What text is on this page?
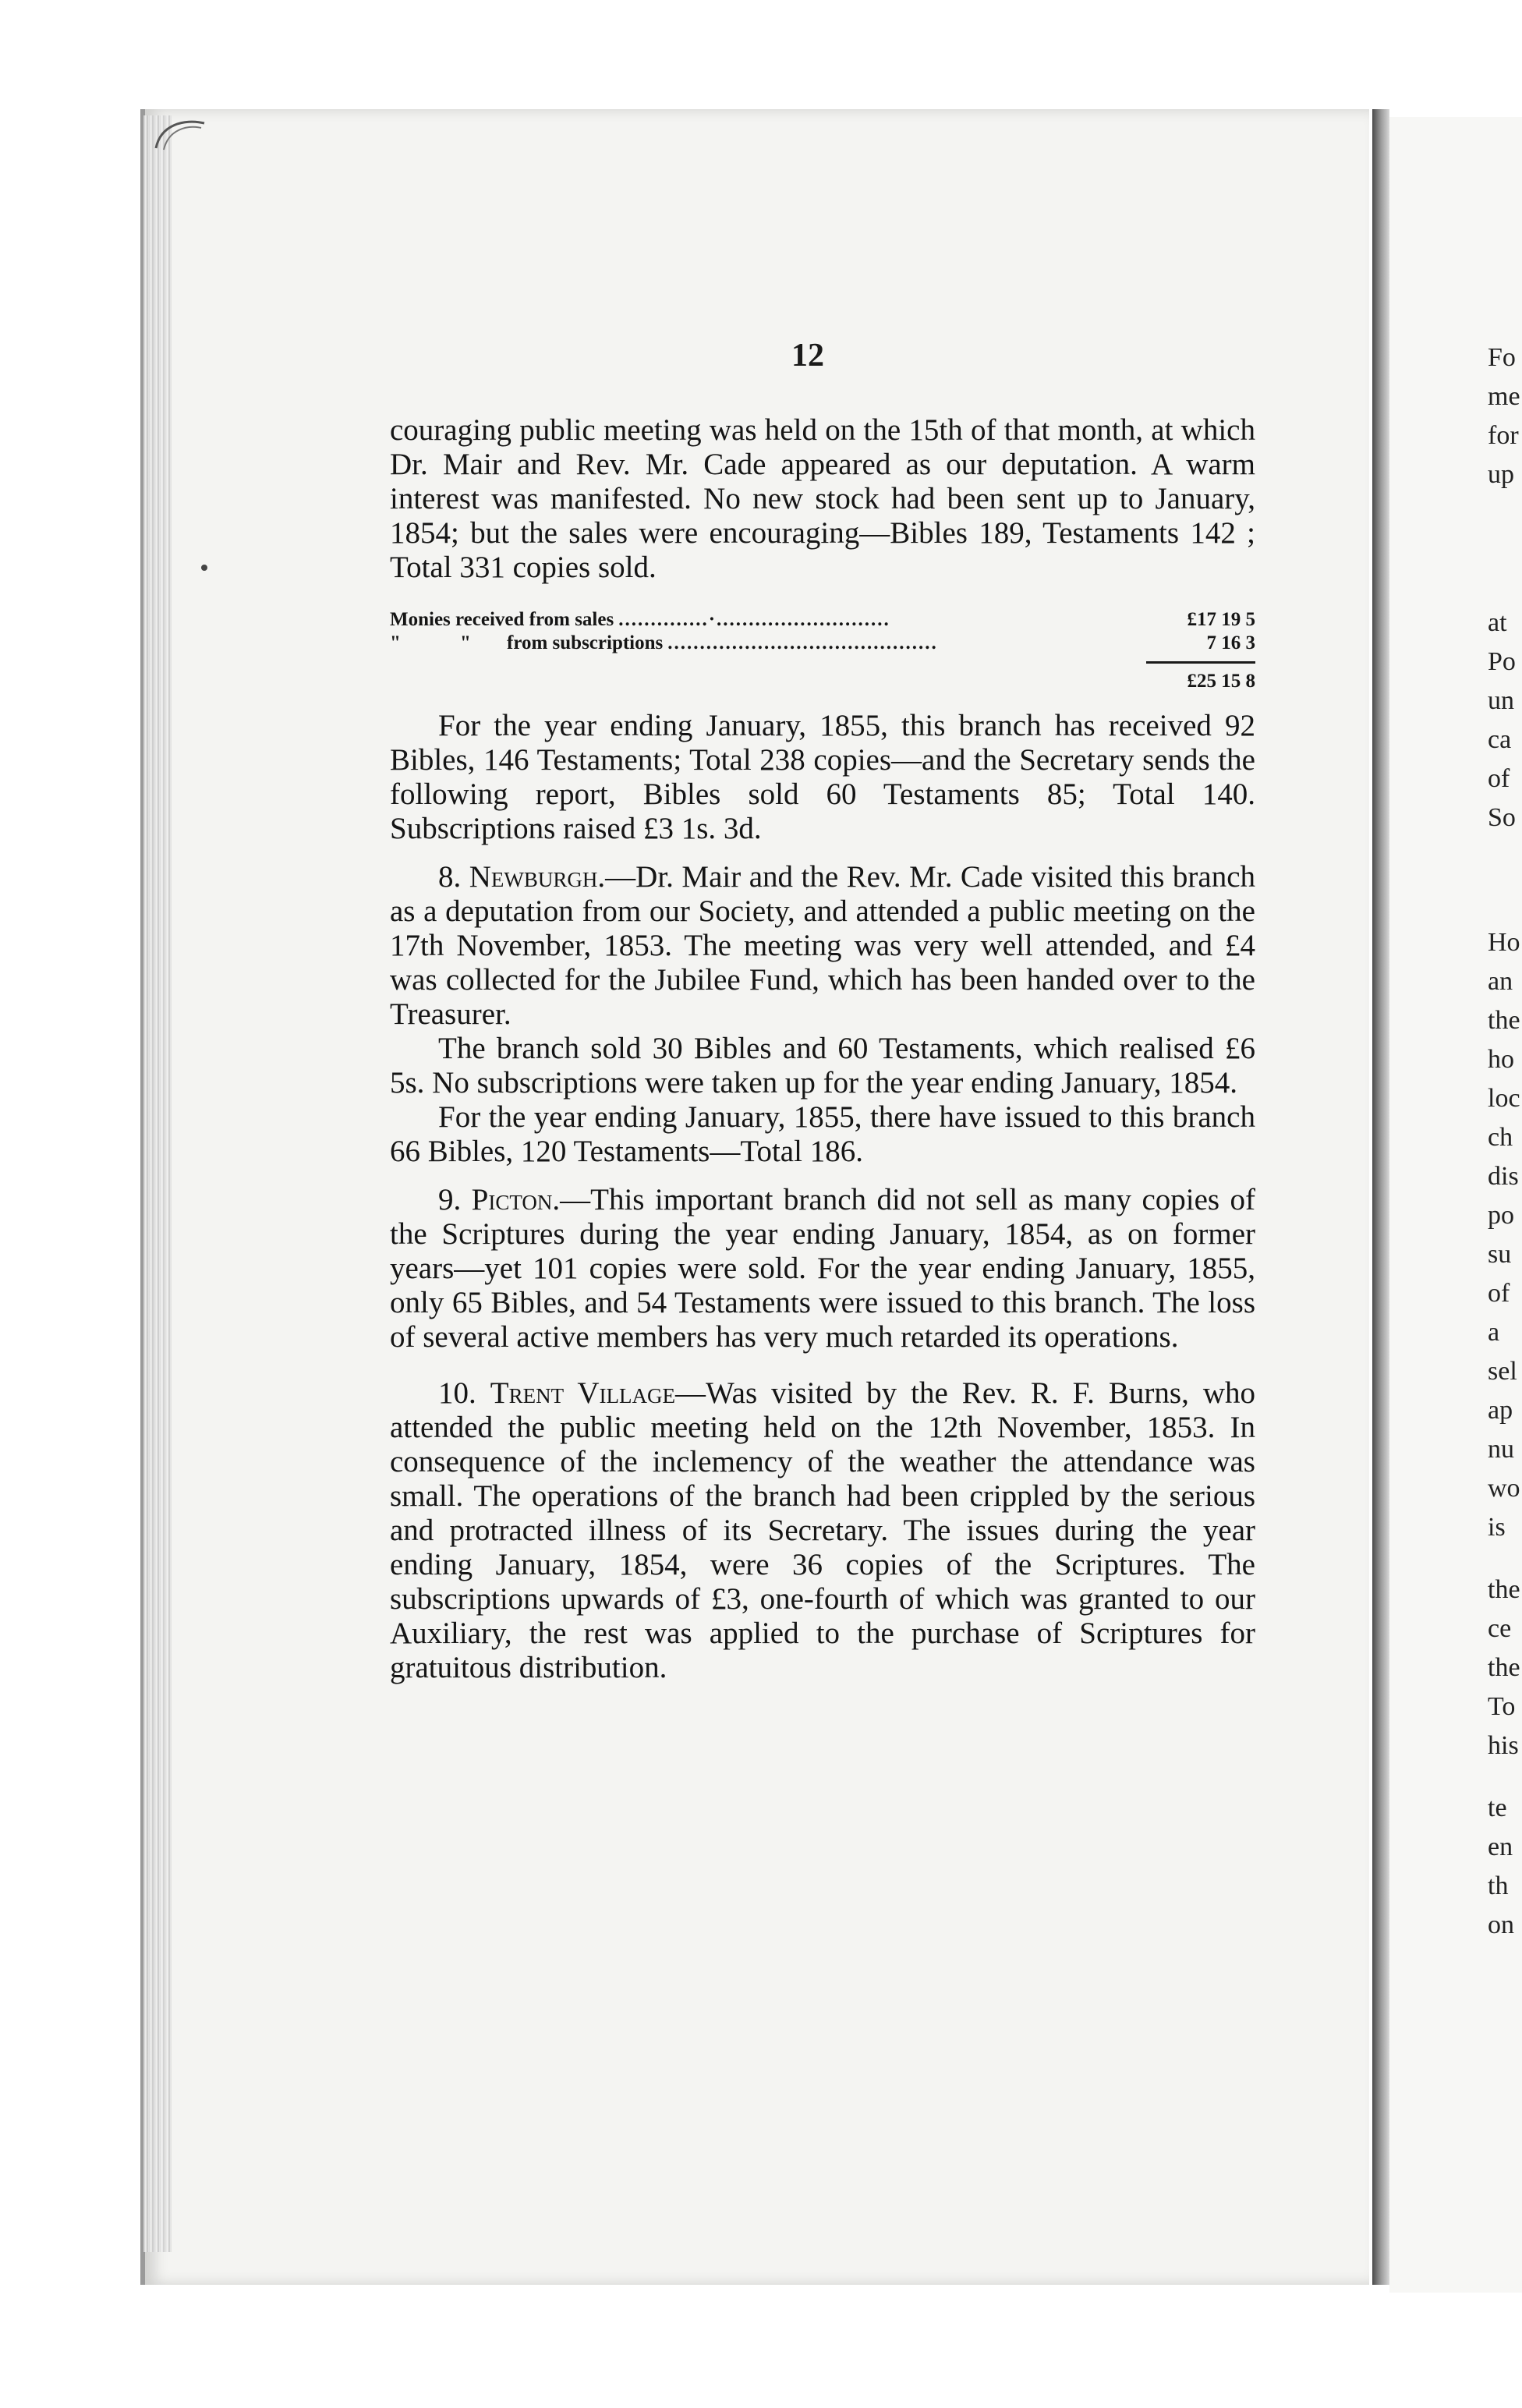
Fo
me
for
up
at
Po
un
ca
of
So
Ho
an
the
ho
loc
ch
dis
po
su
of
a
sel
ap
nu
wo
is
the
ce
the
To
his
te
en
th
on
12

couraging public meeting was held on the 15th of that month, at which Dr. Mair and Rev. Mr. Cade appeared as our deputation. A warm interest was manifested. No new stock had been sent up to January, 1854; but the sales were encouraging—Bibles 189, Testaments 142 ; Total 331 copies sold.

Monies received from sales ..............·...........................	£17 19 5
"	" from subscriptions ..........................................	7 16 3
£25 15 8

For the year ending January, 1855, this branch has received 92 Bibles, 146 Testaments; Total 238 copies—and the Secretary sends the following report, Bibles sold 60 Testaments 85; Total 140. Subscriptions raised £3 1s. 3d.

8. Newburgh.—Dr. Mair and the Rev. Mr. Cade visited this branch as a deputation from our Society, and attended a public meeting on the 17th November, 1853. The meeting was very well attended, and £4 was collected for the Jubilee Fund, which has been handed over to the Treasurer.

The branch sold 30 Bibles and 60 Testaments, which realised £6 5s. No subscriptions were taken up for the year ending January, 1854.

For the year ending January, 1855, there have issued to this branch 66 Bibles, 120 Testaments—Total 186.

9. Picton.—This important branch did not sell as many copies of the Scriptures during the year ending January, 1854, as on former years—yet 101 copies were sold. For the year ending January, 1855, only 65 Bibles, and 54 Testaments were issued to this branch. The loss of several active members has very much retarded its operations.

10. Trent Village—Was visited by the Rev. R. F. Burns, who attended the public meeting held on the 12th November, 1853. In consequence of the inclemency of the weather the attendance was small. The operations of the branch had been crippled by the serious and protracted illness of its Secretary. The issues during the year ending January, 1854, were 36 copies of the Scriptures. The subscriptions upwards of £3, one-fourth of which was granted to our Auxiliary, the rest was applied to the purchase of Scriptures for gratuitous distribution.
